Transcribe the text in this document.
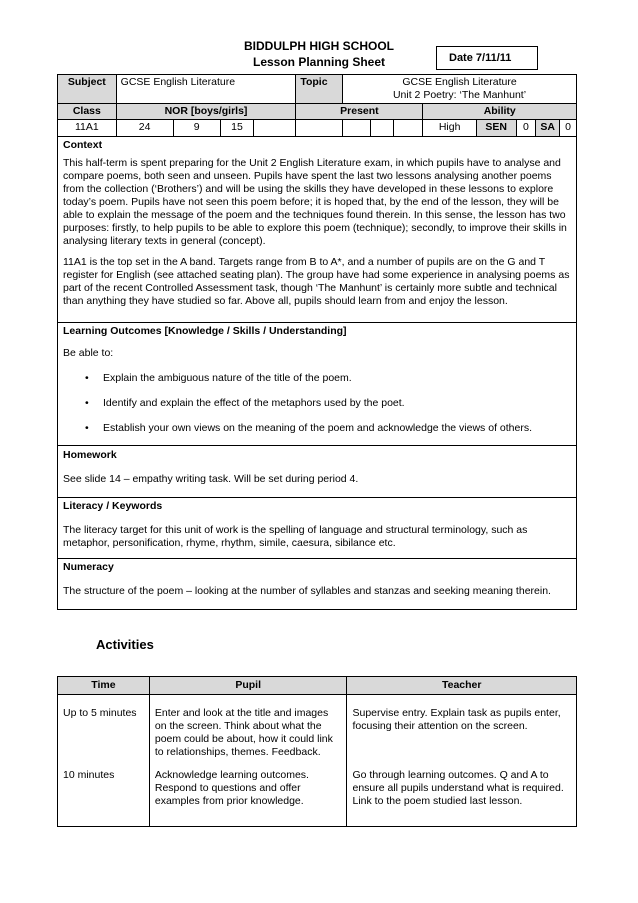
BIDDULPH HIGH SCHOOL
Lesson Planning Sheet	Date 7/11/11
Subject	GCSE English Literature				Topic	GCSE English Literature
Unit 2 Poetry: ‘The Manhunt’							

Class	NOR [boys/girls]				Present				Ability				
11A1	24	9	15						High	SEN	0	SA	0
Context

This half-term is spent preparing for the Unit 2 English Literature exam, in which pupils have to analyse and compare poems, both seen and unseen. Pupils have spent the last two lessons analysing another poems from the collection (‘Brothers’) and will be using the skills they have developed in these lessons to explore today’s poem. Pupils have not seen this poem before; it is hoped that, by the end of the lesson, they will be able to explain the message of the poem and the techniques found therein. In this sense, the lesson has two purposes: firstly, to help pupils to be able to explore this poem (technique); secondly, to improve their skills in analysing literary texts in general (concept).

11A1 is the top set in the A band. Targets range from B to A*, and a number of pupils are on the G and T register for English (see attached seating plan). The group have had some experience in analysing poems as part of the recent Controlled Assessment task, though ‘The Manhunt’ is certainly more subtle and technical than anything they have studied so far. Above all, pupils should learn from and enjoy the lesson.

Learning Outcomes [Knowledge / Skills / Understanding]

Be able to:

• Explain the ambiguous nature of the title of the poem.
• Identify and explain the effect of the metaphors used by the poet.
• Establish your own views on the meaning of the poem and acknowledge the views of others.
Homework
See slide 14 – empathy writing task. Will be set during period 4.
Literacy / Keywords
The literacy target for this unit of work is the spelling of language and structural terminology, such as metaphor, personification, rhyme, rhythm, simile, caesura, sibilance etc.
Numeracy
The structure of the poem – looking at the number of syllables and stanzas and seeking meaning therein.
Activities
Time	Pupil	Teacher
Up to 5 minutes	Enter and look at the title and images on the screen. Think about what the poem could be about, how it could link to relationships, themes. Feedback.	Supervise entry. Explain task as pupils enter, focusing their attention on the screen.
10 minutes	Acknowledge learning outcomes. Respond to questions and offer examples from prior knowledge.	Go through learning outcomes. Q and A to ensure all pupils understand what is required. Link to the poem studied last lesson.
